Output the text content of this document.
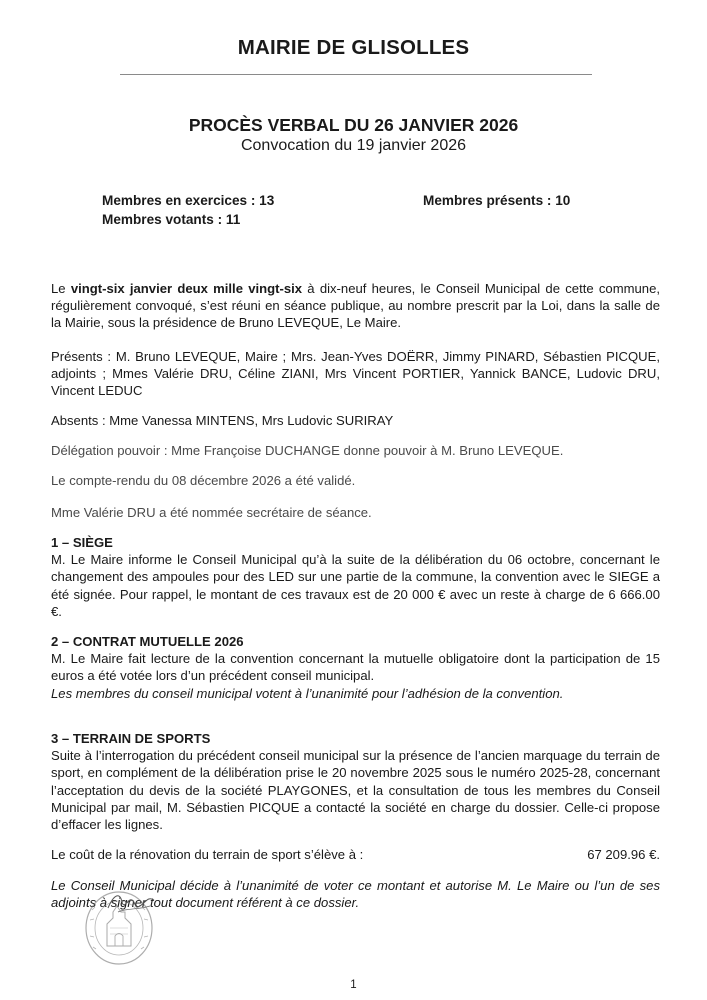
MAIRIE DE GLISOLLES
PROCÈS VERBAL DU 26 JANVIER 2026
Convocation du 19 janvier 2026
Membres en exercices : 13	Membres présents : 10
Membres votants : 11
Le vingt-six janvier deux mille vingt-six à dix-neuf heures, le Conseil Municipal de cette commune, régulièrement convoqué, s’est réuni en séance publique, au nombre prescrit par la Loi, dans la salle de la Mairie, sous la présidence de Bruno LEVEQUE, Le Maire.
Présents : M. Bruno LEVEQUE, Maire ; Mrs. Jean-Yves DOËRR, Jimmy PINARD, Sébastien PICQUE, adjoints ; Mmes Valérie DRU, Céline ZIANI, Mrs Vincent PORTIER, Yannick BANCE, Ludovic DRU, Vincent LEDUC
Absents : Mme Vanessa MINTENS, Mrs Ludovic SURIRAY
Délégation pouvoir : Mme Françoise DUCHANGE donne pouvoir à M. Bruno LEVEQUE.
Le compte-rendu du 08 décembre 2026 a été validé.
Mme Valérie DRU a été nommée secrétaire de séance.
1 – SIÈGE
M. Le Maire informe le Conseil Municipal qu’à la suite de la délibération du 06 octobre, concernant le changement des ampoules pour des LED sur une partie de la commune, la convention avec le SIEGE a été signée. Pour rappel, le montant de ces travaux est de 20 000 € avec un reste à charge de 6 666.00 €.
2 – CONTRAT MUTUELLE 2026
M. Le Maire fait lecture de la convention concernant la mutuelle obligatoire dont la participation de 15 euros a été votée lors d’un précédent conseil municipal.
Les membres du conseil municipal votent à l’unanimité pour l’adhésion de la convention.
3 – TERRAIN DE SPORTS
Suite à l’interrogation du précédent conseil municipal sur la présence de l’ancien marquage du terrain de sport, en complément de la délibération prise le 20 novembre 2025 sous le numéro 2025-28, concernant l’acceptation du devis de la société PLAYGONES, et la consultation de tous les membres du Conseil Municipal par mail, M. Sébastien PICQUE a contacté la société en charge du dossier. Celle-ci propose d’effacer les lignes.
Le coût de la rénovation du terrain de sport s’élève à :	67 209.96 €.
Le Conseil Municipal décide à l’unanimité de voter ce montant et autorise M. Le Maire ou l’un de ses adjoints à signer tout document référent à ce dossier.
1
